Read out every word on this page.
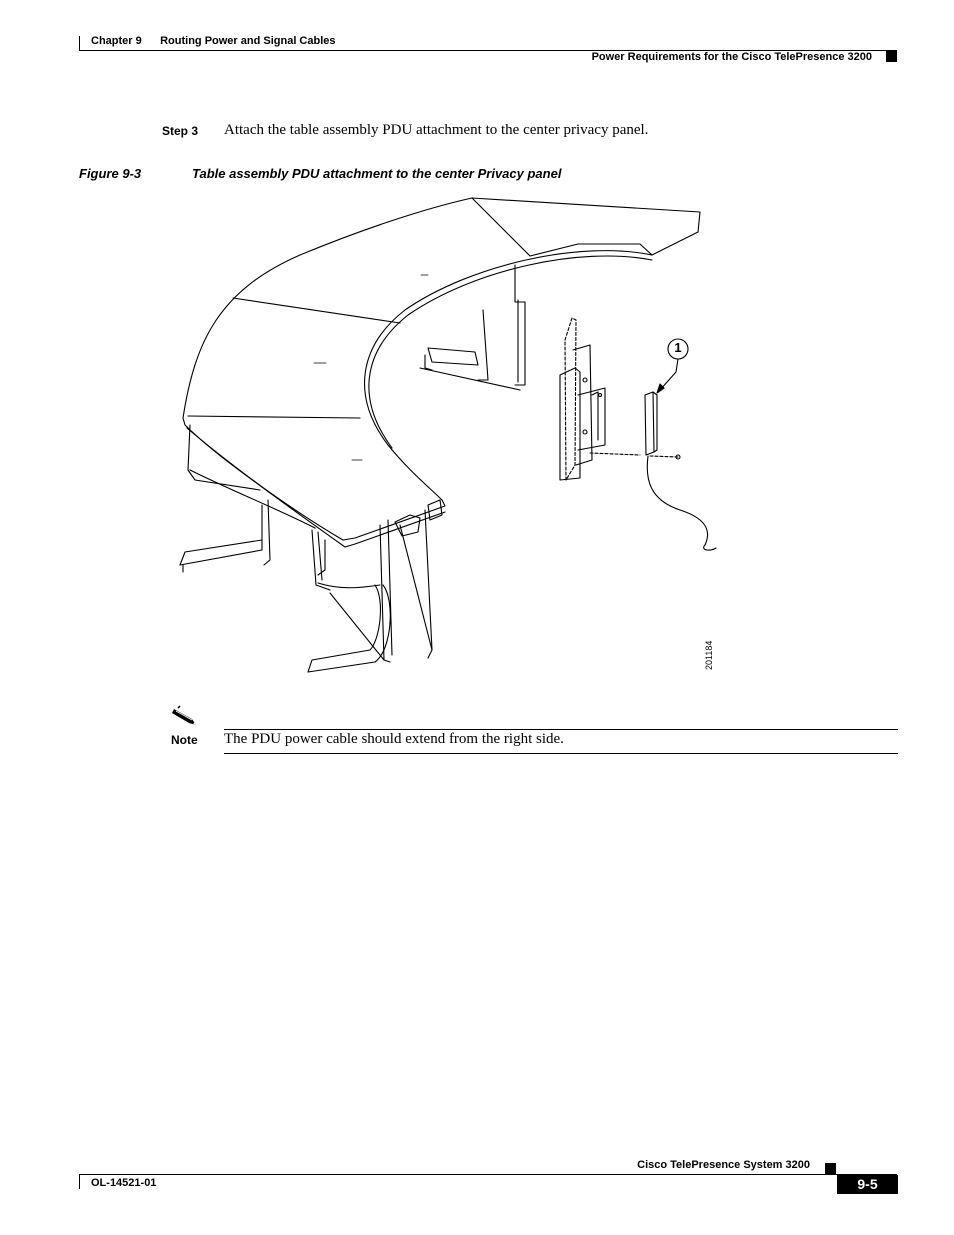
Chapter 9 Routing Power and Signal Cables
Power Requirements for the Cisco TelePresence 3200
Step 3 Attach the table assembly PDU attachment to the center privacy panel.
Figure 9-3	Table assembly PDU attachment to the center Privacy panel
1
201184
Note The PDU power cable should extend from the right side.
Cisco TelePresence System 3200
OL-14521-01	9-5
